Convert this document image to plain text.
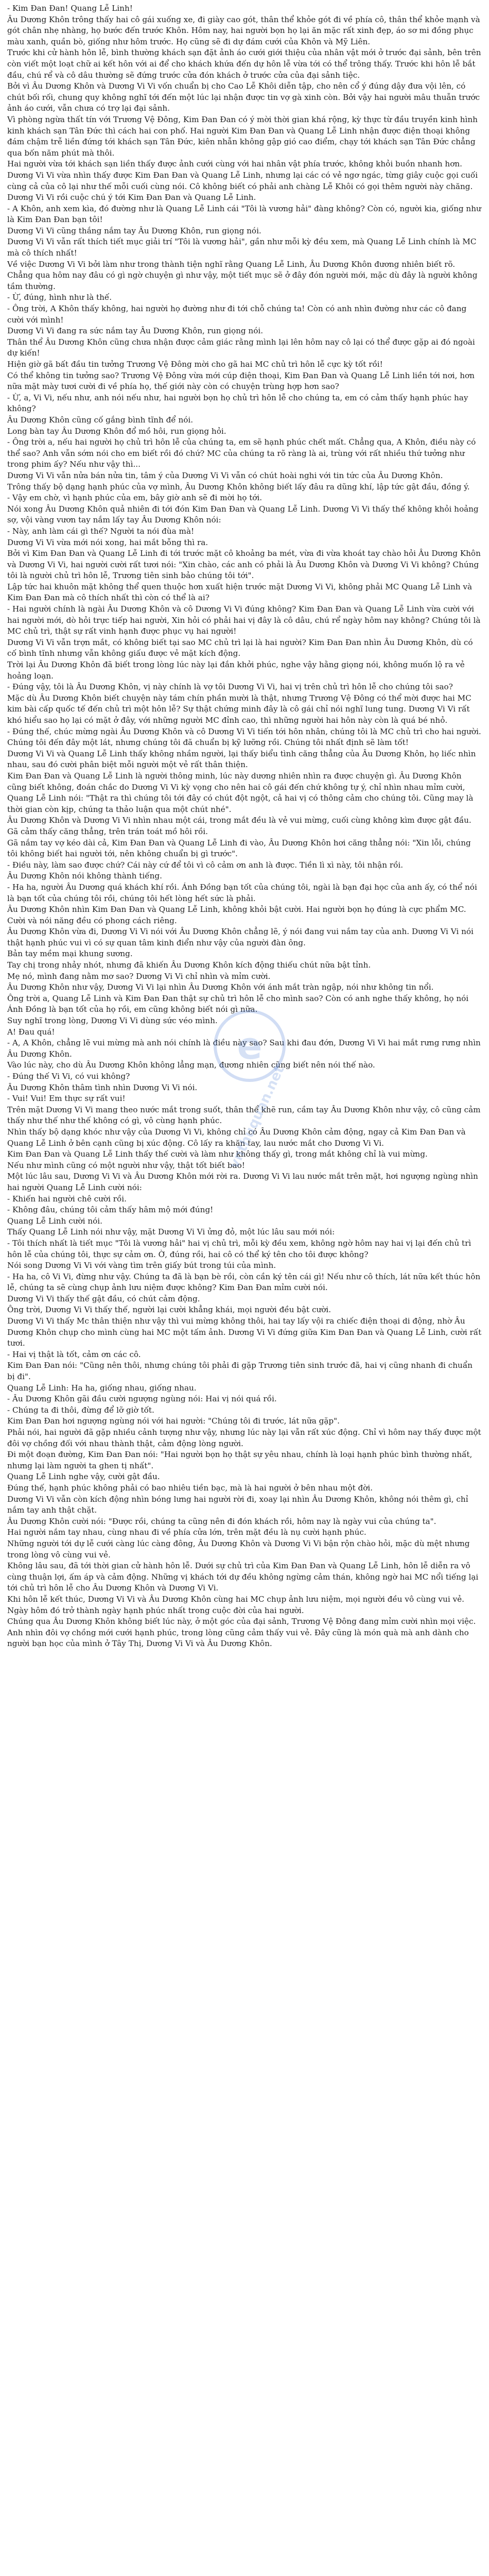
- Kim Đan Đan! Quang Lễ Linh!

Âu Dương Khôn trông thấy hai cô gái xuống xe, đi giày cao gót, thân thể khỏe gót đi về phía cô, thân thể khỏe mạnh và gót chân nhẹ nhàng, họ bước đến trước Khôn. Hôm nay, hai người bọn họ lại ăn mặc rất xinh đẹp, áo sơ mi đồng phục màu xanh, quần bò, giống như hôm trước. Họ cũng sẽ đi dự đám cưới của Khôn và Mỹ Liên.

Trước khi cử hành hôn lễ, bình thường khách sạn đặt ảnh áo cưới giới thiệu của nhân vật mới ở trước đại sảnh, bên trên còn viết một loạt chữ ai kết hôn với ai để cho khách khứa đến dự hôn lễ vừa tới có thể trông thấy. Trước khi hôn lễ bắt đầu, chú rể và cô dâu thường sẽ đứng trước cửa đón khách ở trước cửa của đại sảnh tiệc.

Bởi vì Âu Dương Khôn và Dương Vi Vi vốn chuẩn bị cho Cao Lễ Khôi diễn tập, cho nên cổ ý đúng dậy đưa vội lên, có chút bối rối, chung quy không nghĩ tới đến một lúc lại nhận được tin vợ gà xinh còn. Bởi vậy hai người mâu thuẫn trước ảnh áo cưới, vẫn chưa có trợ lại đại sảnh.

Vì phòng ngừa thất tín với Trương Vệ Đông, Kim Đan Đan có ý mời thời gian khá rộng, kỳ thực từ đầu truyền kinh hình kinh khách sạn Tân Đức thì cách hai con phố. Hai người Kim Đan Đan và Quang Lễ Linh nhận được điện thoại không đám chậm trễ liền đứng tới khách sạn Tân Đức, kiên nhẫn không gập gió cao điểm, chạy tới khách sạn Tân Đức chẳng qua bốn năm phút mà thôi.

Hai người vừa tới khách sạn liền thấy được ảnh cưới cùng với hai nhân vật phía trước, không khỏi buồn nhanh hơn.

Dương Vi Vi vừa nhìn thấy được Kim Đan Đan và Quang Lễ Linh, nhưng lại các có vẻ ngơ ngác, từng giây cuộc gọi cuối cùng cả của cô lại như thế mỗi cuối cùng nói. Cô không biết có phải anh chàng Lễ Khôi có gọi thêm người này chăng.

Dương Vi Vi rồi cuộc chú ý tới Kim Đan Đan và Quang Lễ Linh.

- A Khôn, anh xem kìa, đó đường như là Quang Lễ Linh cái "Tôi là vương hải" đàng không? Còn có, người kia, giống như là Kim Đan Đan bạn tôi!

Dương Vi Vi cũng thắng nắm tay Âu Dương Khôn, run giọng nói.

Dương Vi Vi vẫn rất thích tiết mục giải trí "Tôi là vương hải", gần như mỗi kỳ đều xem, mà Quang Lễ Linh chính là MC mà cô thích nhất!

Về việc Dương Vi Vi bởi làm như trong thành tiện nghĩ rằng Quang Lễ Linh, Âu Dương Khôn đương nhiên biết rõ. Chẳng qua hôm nay đâu có gì ngờ chuyện gì như vậy, một tiết mục sẽ ở đây đón người mới, mặc dù đây là người không tầm thường.

- Ừ, đúng, hình như là thế.

- Ông trời, A Khôn thấy không, hai người họ đường như đi tới chỗ chúng ta! Còn có anh nhìn đường như các cô đang cười với mình!

Dương Vi Vi đang ra sức nắm tay Âu Dương Khôn, run giọng nói.

Thân thể Âu Dương Khôn cũng chưa nhận được cảm giác rằng mình lại lên hôm nay cô lại có thể được gặp ai đó ngoài dự kiến!

Hiện giờ gã bất đầu tin tưởng Trương Vệ Đông mời cho gã hai MC chủ trì hôn lễ cực kỳ tốt rồi!

Có thể không tin tưởng sao? Trương Vệ Đông vừa mới cúp điện thoại, Kim Đan Đan và Quang Lễ Linh liền tới nơi, hơn nữa mặt mày tươi cười đi về phía họ, thế giới này còn có chuyện trùng hợp hơn sao?

- Ừ, a, Vi Vi, nếu như, anh nói nếu như, hai người bọn họ chủ trì hôn lễ cho chúng ta, em có cảm thấy hạnh phúc hay không?

Âu Dương Khôn cũng cố gắng bình tĩnh để nói.

Long bàn tay Âu Dương Khôn đổ mồ hôi, run giọng hỏi.

- Ông trời a, nếu hai người họ chủ trì hôn lễ của chúng ta, em sẽ hạnh phúc chết mất. Chẳng qua, A Khôn, điều này có thể sao? Anh vẫn sớm nói cho em biết rồi đó chứ? MC của chúng ta rõ ràng là ai, trùng với rất nhiều thứ tưởng như trong phim ấy? Nếu như vậy thì...

Dương Vi Vi vẫn nửa bán nửa tin, tâm ý của Dương Vi Vi vẫn có chút hoài nghi với tin tức của Âu Dương Khôn.

Trông thấy bộ dạng hạnh phúc của vợ mình, Âu Dương Khôn không biết lấy đâu ra dũng khí, lập tức gật đầu, đồng ý.

- Vậy em chờ, vì hạnh phúc của em, bây giờ anh sẽ đi mời họ tới.

Nói xong Âu Dương Khôn quả nhiên đi tới đón Kim Đan Đan và Quang Lễ Linh. Dương Vi Vi thấy thế không khỏi hoảng sợ, vội vàng vươn tay nắm lấy tay Âu Dương Khôn nói:

- Này, anh làm cái gì thế? Người ta nói đùa mà!

Dương Vi Vi vừa mới nói xong, hai mắt bỗng thì ra.

Bởi vì Kim Đan Đan và Quang Lễ Linh đi tới trước mặt cô khoảng ba mét, vừa đi vừa khoát tay chào hỏi Âu Dương Khôn và Dương Vi Vi, hai người cười rất tươi nói: "Xin chào, các anh có phải là Âu Dương Khôn và Dương Vi Vi không? Chúng tôi là người chủ trì hôn lễ, Trương tiên sinh bảo chúng tôi tới".

Lập tức hai khuôn mặt không thể quen thuộc hơn xuất hiện trước mặt Dương Vi Vi, không phải MC Quang Lễ Linh và Kim Đan Đan mà cô thích nhất thì còn có thể là ai?

- Hai người chính là ngài Âu Dương Khôn và cô Dương Vi Vi đúng không? Kim Đan Đan và Quang Lễ Linh vừa cười với hai người mới, dò hỏi trực tiếp hai người, Xin hỏi có phải hai vị đây là cô dâu, chú rể ngày hôm nay không? Chúng tôi là MC chủ trì, thật sự rất vinh hạnh được phục vụ hai người!

Dương Vi Vi vẫn trợn mắt, có không biết tại sao MC chủ trì lại là hai người? Kim Đan Đan nhìn Âu Dương Khôn, dù có cố bình tĩnh nhưng vẫn không giấu được vẻ mặt kích động.

Trời lại Âu Dương Khôn đã biết trong lòng lúc này lại đắn khởi phúc, nghe vậy hằng giọng nói, không muốn lộ ra vẻ hoảng loạn.

- Đúng vậy, tôi là Âu Dương Khôn, vị này chính là vợ tôi Dương Vi Vi, hai vị trên chủ trì hôn lễ cho chúng tôi sao?

Mặc dù Âu Dương Khôn biết chuyện này tám chín phần mười là thật, nhưng Trương Vệ Đông có thể mời được hai MC kim bài cấp quốc tế đến chủ trì một hôn lễ? Sự thật chứng minh đây là cô gái chỉ nói nghĩ lung tung. Dương Vi Vi rất khó hiểu sao họ lại có mặt ở đây, với những người MC đỉnh cao, thì những người hai hôn này còn là quá bé nhỏ.

- Đúng thế, chúc mừng ngài Âu Dương Khôn và cô Dương Vi Vi tiến tới hôn nhân, chúng tôi là MC chủ trì cho hai người. Chúng tôi đến đây một lát, nhưng chúng tôi đã chuẩn bị kỹ lưỡng rồi. Chúng tôi nhất định sẽ làm tốt!

Dương Vi Vi và Quang Lễ Linh thấy không nhầm người, lại thấy biểu tình căng thẳng của Âu Dương Khôn, họ liếc nhìn nhau, sau đó cười phân biệt mỗi người một vẻ rất thân thiện.

Kim Đan Đan và Quang Lễ Linh là người thông minh, lúc này dương nhiên nhìn ra được chuyện gì. Âu Dương Khôn cũng biết không, đoán chắc do Dương Vi Vi kỳ vọng cho nên hai cô gái đến chứ không tự ý, chỉ nhìn nhau mỉm cười, Quang Lễ Linh nói: "Thật ra thì chúng tôi tới đây có chút đột ngột, cả hai vị có thông cảm cho chúng tôi. Cũng may là thời gian còn kịp, chúng ta thảo luận qua một chút nhé".

Âu Dương Khôn và Dương Vi Vi nhìn nhau một cái, trong mắt đều là vẻ vui mừng, cuối cùng không kìm được gật đầu.

Gã cảm thấy căng thẳng, trên trán toát mồ hôi rồi.

Gã nắm tay vợ kéo dài cả, Kim Đan Đan và Quang Lễ Linh đi vào, Âu Dương Khôn hơi căng thẳng nói: "Xin lỗi, chúng tôi không biết hai người tới, nên không chuẩn bị gì trước".

- Điều này, làm sao được chứ? Cái này cứ để tôi vì cô cảm ơn anh là được. Tiền lì xì này, tôi nhận rồi.

Âu Dương Khôn nói không thành tiếng.

- Ha ha, người Âu Dương quá khách khí rồi. Ánh Đồng bạn tốt của chúng tôi, ngài là bạn đại học của anh ấy, có thể nói là bạn tốt của chúng tôi rồi, chúng tôi hết lòng hết sức là phải.

Âu Dương Khôn nhìn Kim Đan Đan và Quang Lễ Linh, không khỏi bật cười. Hai người bọn họ đúng là cực phẩm MC. Cười và nói năng đều có phong cách riêng.

Âu Dương Khôn vừa đi, Dương Vi Vi nói với Âu Dương Khôn chẳng lẽ, ý nói đang vui nắm tay của anh. Dương Vi Vi nói thật hạnh phúc vui vì có sự quan tâm kinh điển như vậy của người đàn ông.

Bản tay mềm mại khung sương.

Tay chị trong nhảy nhót, nhưng đã khiến Âu Dương Khôn kích động thiếu chút nữa bật tỉnh.

Mẹ nó, mình đang nằm mơ sao? Dương Vi Vi chỉ nhìn và mỉm cười.

Âu Dương Khôn như vậy, Dương Vi Vi lại nhìn Âu Dương Khôn với ánh mắt tràn ngập, nói như không tin nổi.

Ông trời a, Quang Lễ Linh và Kim Đan Đan thật sự chủ trì hôn lễ cho mình sao? Còn có anh nghe thấy không, họ nói Ánh Đồng là bạn tốt của họ rồi, em cũng không biết nói gì nữa.

Suy nghĩ trong lòng, Dương Vi Vi dùng sức véo mình.

A! Đau quá!

- A, A Khôn, chẳng lẽ vui mừng mà anh nói chính là điều này sao? Sau khi đau đớn, Dương Vi Vi hai mắt rưng rưng nhìn Âu Dương Khôn.

Vào lúc này, cho dù Âu Dương Khôn không lẳng mạn, đương nhiên cũng biết nên nói thế nào.

- Đúng thế Vi Vi, có vui không?

Âu Dương Khôn thâm tình nhìn Dương Vi Vi nói.

- Vui! Vui! Em thực sự rất vui!

Trên mặt Dương Vi Vi mang theo nước mắt trong suốt, thân thể khẽ run, cầm tay Âu Dương Khôn như vậy, cô cũng cảm thấy như thế như thế không có gì, vô cùng hạnh phúc.

Nhìn thấy bộ dạng khóc như vậy của Dương Vi Vi, không chỉ có Âu Dương Khôn cảm động, ngay cả Kim Đan Đan và Quang Lễ Linh ở bên cạnh cũng bị xúc động. Cô lấy ra khăn tay, lau nước mắt cho Dương Vi Vi.

Kim Đan Đan và Quang Lễ Linh thấy thế cười và làm như không thấy gì, trong mắt không chỉ là vui mừng.

Nếu như mình cũng có một người như vậy, thật tốt biết bao!

Một lúc lâu sau, Dương Vi Vi và Âu Dương Khôn mới rời ra. Dương Vi Vi lau nước mắt trên mặt, hơi ngượng ngùng nhìn hai người Quang Lễ Linh cười nói:

- Khiến hai người chê cười rồi.

- Không đâu, chúng tôi cảm thấy hâm mộ mới đúng!

Quang Lễ Linh cười nói.

Thấy Quang Lễ Linh nói như vậy, mặt Dương Vi Vi ửng đỏ, một lúc lâu sau mới nói:

- Tôi thích nhất là tiết mục "Tôi là vương hải" hai vị chủ trì, mỗi kỳ đều xem, không ngờ hôm nay hai vị lại đến chủ trì hôn lễ của chúng tôi, thực sự cảm ơn. Ờ, đúng rồi, hai cô có thể ký tên cho tôi được không?

Nói song Dương Vi Vi với vàng tìm trên giấy bút trong túi của mình.

- Ha ha, cô Vi Vi, đừng như vậy. Chúng ta đã là bạn bè rồi, còn cần ký tên cái gì! Nếu như cô thích, lát nữa kết thúc hôn lễ, chúng ta sẽ cùng chụp ảnh lưu niệm được không? Kim Đan Đan mỉm cười nói.

Dương Vi Vi thấy thế gật đầu, có chút cảm động.

Ông trời, Dương Vi Vi thấy thế, người lại cười khẳng khái, mọi người đều bật cười.

Dương Vi Vi thấy Mc thân thiện như vậy thì vui mừng không thôi, hai tay lấy vội ra chiếc điện thoại di động, nhờ Âu Dương Khôn chụp cho mình cùng hai MC một tấm ảnh. Dương Vi Vi đứng giữa Kim Đan Đan và Quang Lễ Linh, cười rất tươi.

- Hai vị thật là tốt, cảm ơn các cô.

Kim Đan Đan nói: "Cũng nên thôi, nhưng chúng tôi phải đi gặp Trương tiên sinh trước đã, hai vị cũng nhanh đi chuẩn bị đi".

Quang Lễ Linh: Ha ha, giống nhau, giống nhau.

- Âu Dương Khôn gãi đầu cười ngượng ngùng nói: Hai vị nói quá rồi.

- Chúng ta đi thôi, đừng để lỡ giờ tốt.

Kim Đan Đan hơi ngượng ngùng nói với hai người: "Chúng tôi đi trước, lát nữa gặp".

Phải nói, hai người đã gặp nhiều cảnh tượng như vậy, nhưng lúc này lại vẫn rất xúc động. Chỉ vì hôm nay thấy được một đôi vợ chồng đối với nhau thành thật, cảm động lòng người.

Đi một đoạn đường, Kim Đan Đan nói: "Hai người bọn họ thật sự yêu nhau, chính là loại hạnh phúc bình thường nhất, nhưng lại làm người ta ghen tị nhất".

Quang Lễ Linh nghe vậy, cười gật đầu.

Đúng thế, hạnh phúc không phải có bao nhiêu tiền bạc, mà là hai người ở bên nhau một đời.

Dương Vi Vi vẫn còn kích động nhìn bóng lưng hai người rời đi, xoay lại nhìn Âu Dương Khôn, không nói thêm gì, chỉ nắm tay anh thật chặt.

Âu Dương Khôn cười nói: "Được rồi, chúng ta cũng nên đi đón khách rồi, hôm nay là ngày vui của chúng ta".

Hai người nắm tay nhau, cùng nhau đi về phía cửa lớn, trên mặt đều là nụ cười hạnh phúc.

Những người tới dự lễ cưới càng lúc càng đông, Âu Dương Khôn và Dương Vi Vi bận rộn chào hỏi, mặc dù mệt nhưng trong lòng vô cùng vui vẻ.

Không lâu sau, đã tới thời gian cử hành hôn lễ. Dưới sự chủ trì của Kim Đan Đan và Quang Lễ Linh, hôn lễ diễn ra vô cùng thuận lợi, ấm áp và cảm động. Những vị khách tới dự đều không ngừng cảm thán, không ngờ hai MC nổi tiếng lại tới chủ trì hôn lễ cho Âu Dương Khôn và Dương Vi Vi.

Khi hôn lễ kết thúc, Dương Vi Vi và Âu Dương Khôn cùng hai MC chụp ảnh lưu niệm, mọi người đều vô cùng vui vẻ. Ngày hôm đó trở thành ngày hạnh phúc nhất trong cuộc đời của hai người.

Chúng qua Âu Dương Khôn không biết lúc này, ở một góc của đại sảnh, Trương Vệ Đông đang mỉm cười nhìn mọi việc. Anh nhìn đôi vợ chồng mới cưới hạnh phúc, trong lòng cũng cảm thấy vui vẻ. Đây cũng là món quà mà anh dành cho người bạn học của mình ở Tây Thị, Dương Vi Vi và Âu Dương Khôn.

e
vnthuquan.net
